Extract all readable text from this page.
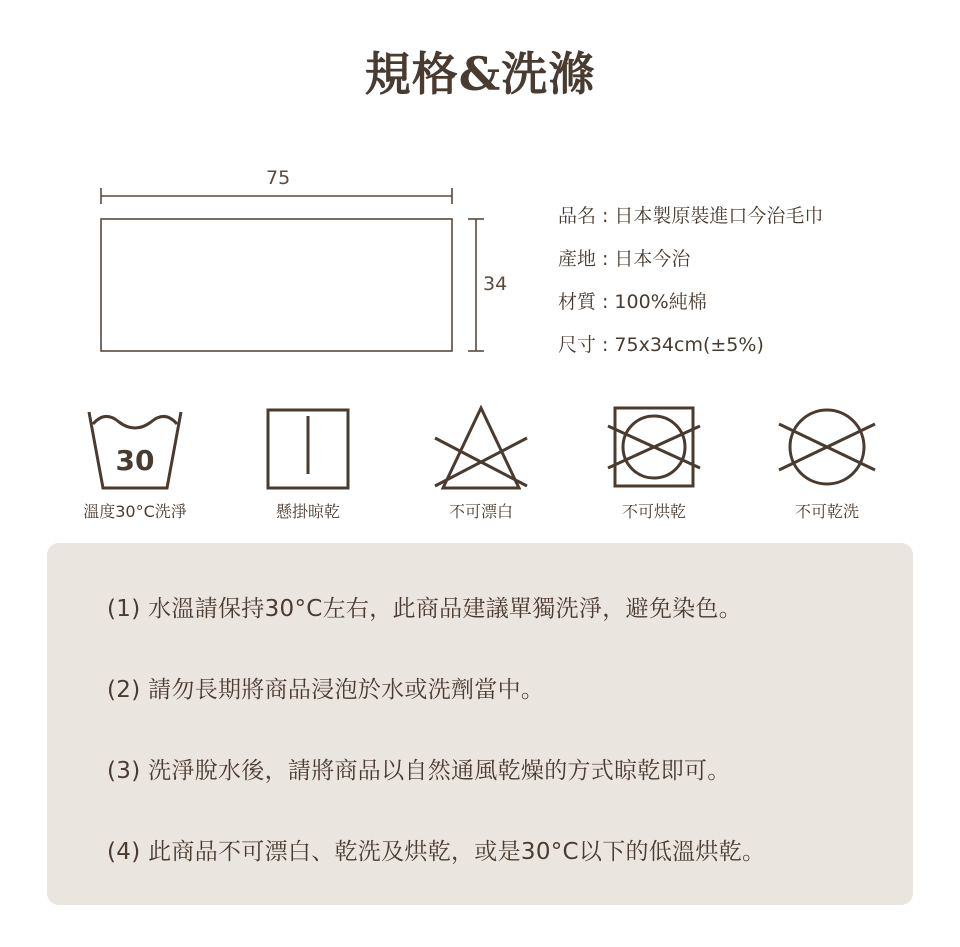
規格&洗滌
75
34
品名 : 日本製原裝進口今治毛巾
產地 : 日本今治
材質 : 100%純棉
尺寸 : 75x34cm(±5%)
30
溫度30°C洗淨	懸掛晾乾	不可漂白	不可烘乾	不可乾洗
(1) 水溫請保持30°C左右，此商品建議單獨洗淨，避免染色。
(2) 請勿長期將商品浸泡於水或洗劑當中。
(3) 洗淨脫水後，請將商品以自然通風乾燥的方式晾乾即可。
(4) 此商品不可漂白、乾洗及烘乾，或是30°C以下的低溫烘乾。
